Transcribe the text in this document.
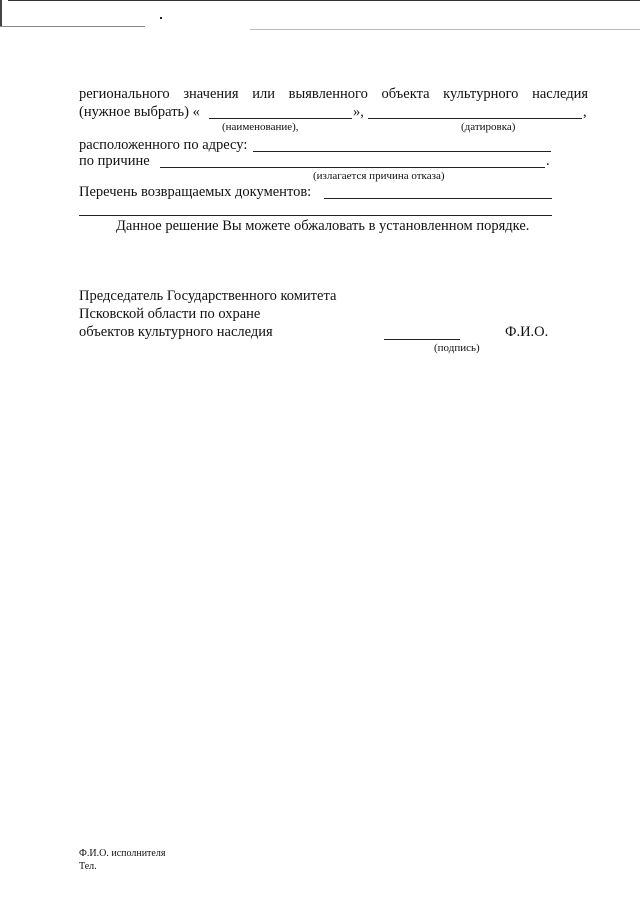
регионального значения или выявленного объекта культурного наследия
(нужное выбрать) «	»,	,
(наименование),	(датировка)
расположенного по адресу:
по причине	.
(излагается причина отказа)
Перечень возвращаемых документов:
Данное решение Вы можете обжаловать в установленном порядке.
Председатель Государственного комитета
Псковской области по охране
объектов культурного наследия	Ф.И.О.
(подпись)
Ф.И.О. исполнителя
Тел.
